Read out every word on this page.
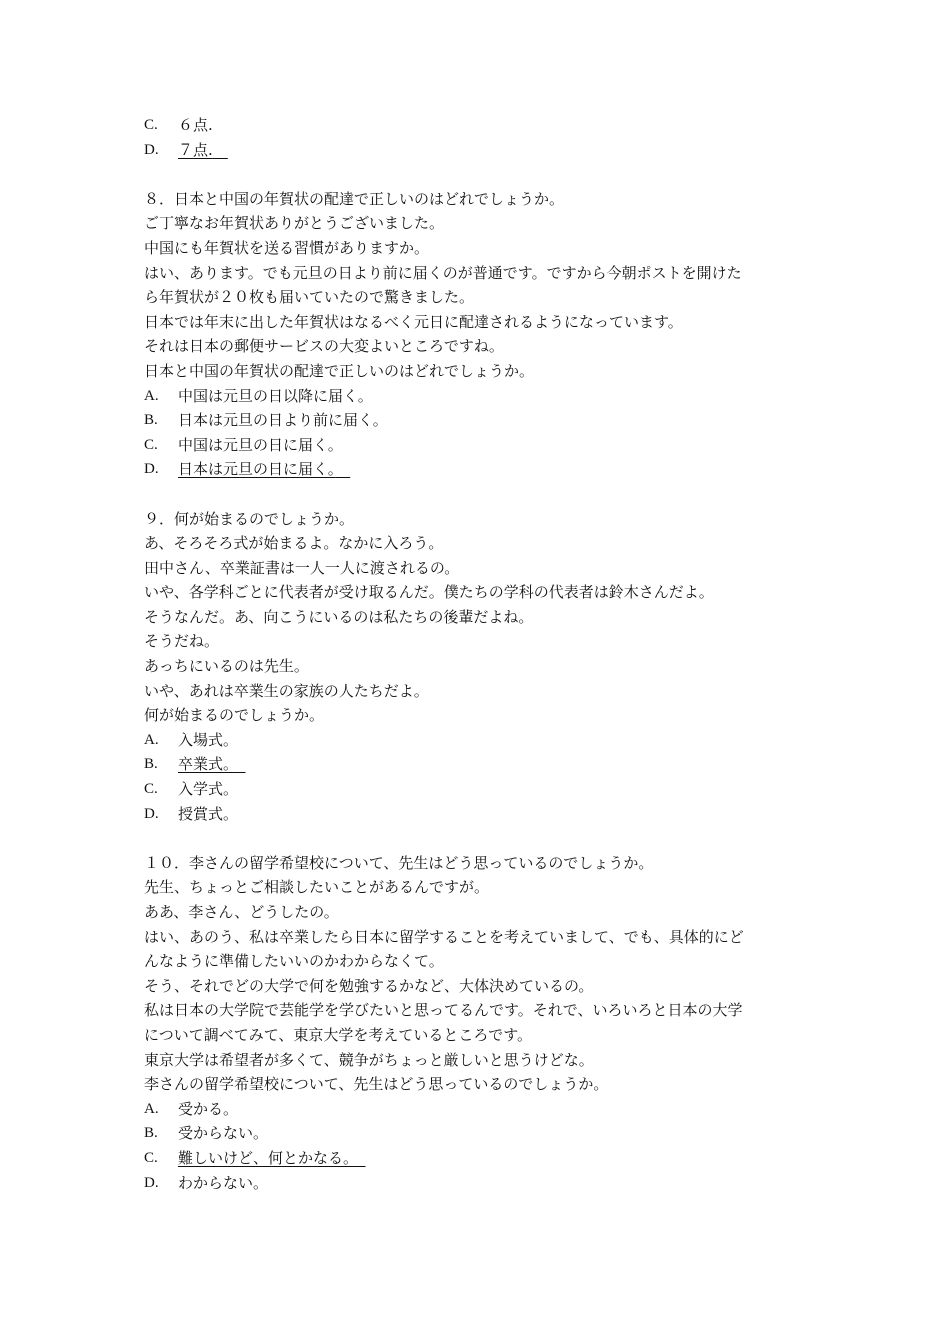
C.	６点.
D.	７点.
８．日本と中国の年賀状の配達で正しいのはどれでしょうか。
ご丁寧なお年賀状ありがとうございました。
中国にも年賀状を送る習慣がありますか。
はい、あります。でも元旦の日より前に届くのが普通です。ですから今朝ポストを開けた
ら年賀状が２０枚も届いていたので驚きました。
日本では年末に出した年賀状はなるべく元日に配達されるようになっています。
それは日本の郵便サービスの大変よいところですね。
日本と中国の年賀状の配達で正しいのはどれでしょうか。
A.	中国は元旦の日以降に届く。
B.	日本は元旦の日より前に届く。
C.	中国は元旦の日に届く。
D.	日本は元旦の日に届く。
９．何が始まるのでしょうか。
あ、そろそろ式が始まるよ。なかに入ろう。
田中さん、卒業証書は一人一人に渡されるの。
いや、各学科ごとに代表者が受け取るんだ。僕たちの学科の代表者は鈴木さんだよ。
そうなんだ。あ、向こうにいるのは私たちの後輩だよね。
そうだね。
あっちにいるのは先生。
いや、あれは卒業生の家族の人たちだよ。
何が始まるのでしょうか。
A.	入場式。
B.	卒業式。
C.	入学式。
D.	授賞式。
１０．李さんの留学希望校について、先生はどう思っているのでしょうか。
先生、ちょっとご相談したいことがあるんですが。
ああ、李さん、どうしたの。
はい、あのう、私は卒業したら日本に留学することを考えていまして、でも、具体的にど
んなように準備したいいのかわからなくて。
そう、それでどの大学で何を勉強するかなど、大体決めているの。
私は日本の大学院で芸能学を学びたいと思ってるんです。それで、いろいろと日本の大学
について調べてみて、東京大学を考えているところです。
東京大学は希望者が多くて、競争がちょっと厳しいと思うけどな。
李さんの留学希望校について、先生はどう思っているのでしょうか。
A.	受かる。
B.	受からない。
C.	難しいけど、何とかなる。
D.	わからない。
